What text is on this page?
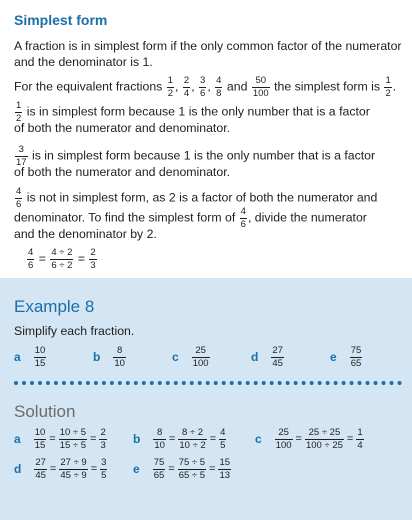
Simplest form
A fraction is in simplest form if the only common factor of the numerator
and the denominator is 1.
For the equivalent fractions $\frac{1}{2}$ , $\frac{2}{4}$ , $\frac{3}{6}$ , $\frac{4}{8}$ and $\frac{50}{100}$ the simplest form is $\frac{1}{2}$ .
$\frac{1}{2}$ is in simplest form because 1 is the only number that is a factor
of both the numerator and denominator.
$\frac{3}{17}$ is in simplest form because 1 is the only number that is a factor
of both the numerator and denominator.
$\frac{4}{6}$ is not in simplest form, as 2 is a factor of both the numerator and
denominator. To find the simplest form of $\frac{4}{6}$ , divide the numerator
and the denominator by 2.
$\frac{4}{6} = \frac{4 \div 2}{6 \div 2} = \frac{2}{3}$
Example 8
Simplify each fraction.
a $\frac{10}{15}$	b $\frac{8}{10}$	c $\frac{25}{100}$	d $\frac{27}{45}$	e $\frac{75}{65}$
Solution
a $\frac{10}{15} = \frac{10 \div 5}{15 \div 5} = \frac{2}{3}$ b $\frac{8}{10} = \frac{8 \div 2}{10 \div 2} = \frac{4}{5}$ c $\frac{25}{100} = \frac{25 \div 25}{100 \div 25} = \frac{1}{4}$
d $\frac{27}{45} = \frac{27 \div 9}{45 \div 9} = \frac{3}{5}$ e $\frac{75}{65} = \frac{75 \div 5}{65 \div 5} = \frac{15}{13}$
